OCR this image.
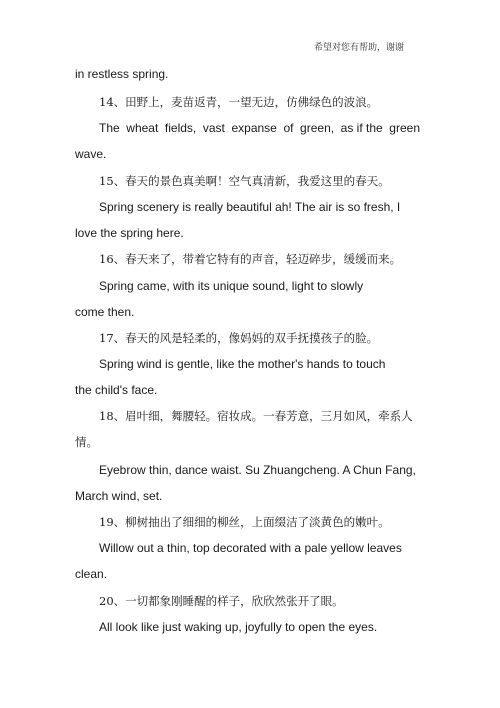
希望对您有帮助，谢谢
in restless spring.
14、田野上，麦苗返青，一望无边，仿佛绿色的波浪。
The wheat fields, vast expanse of green, as if the green
wave.
15、春天的景色真美啊！空气真清新，我爱这里的春天。
Spring scenery is really beautiful ah! The air is so fresh, I
love the spring here.
16、春天来了，带着它特有的声音，轻迈碎步，缓缓而来。
Spring came, with its unique sound, light to slowly
come then.
17、春天的风是轻柔的，像妈妈的双手抚摸孩子的脸。
Spring wind is gentle, like the mother's hands to touch
the child's face.
18、眉叶细，舞腰轻。宿妆成。一春芳意，三月如风，牵系人
情。
Eyebrow thin, dance waist. Su Zhuangcheng. A Chun Fang,
March wind, set.
19、柳树抽出了细细的柳丝，上面缀洁了淡黄色的嫩叶。
Willow out a thin, top decorated with a pale yellow leaves
clean.
20、一切都象刚睡醒的样子，欣欣然张开了眼。
All look like just waking up, joyfully to open the eyes.
